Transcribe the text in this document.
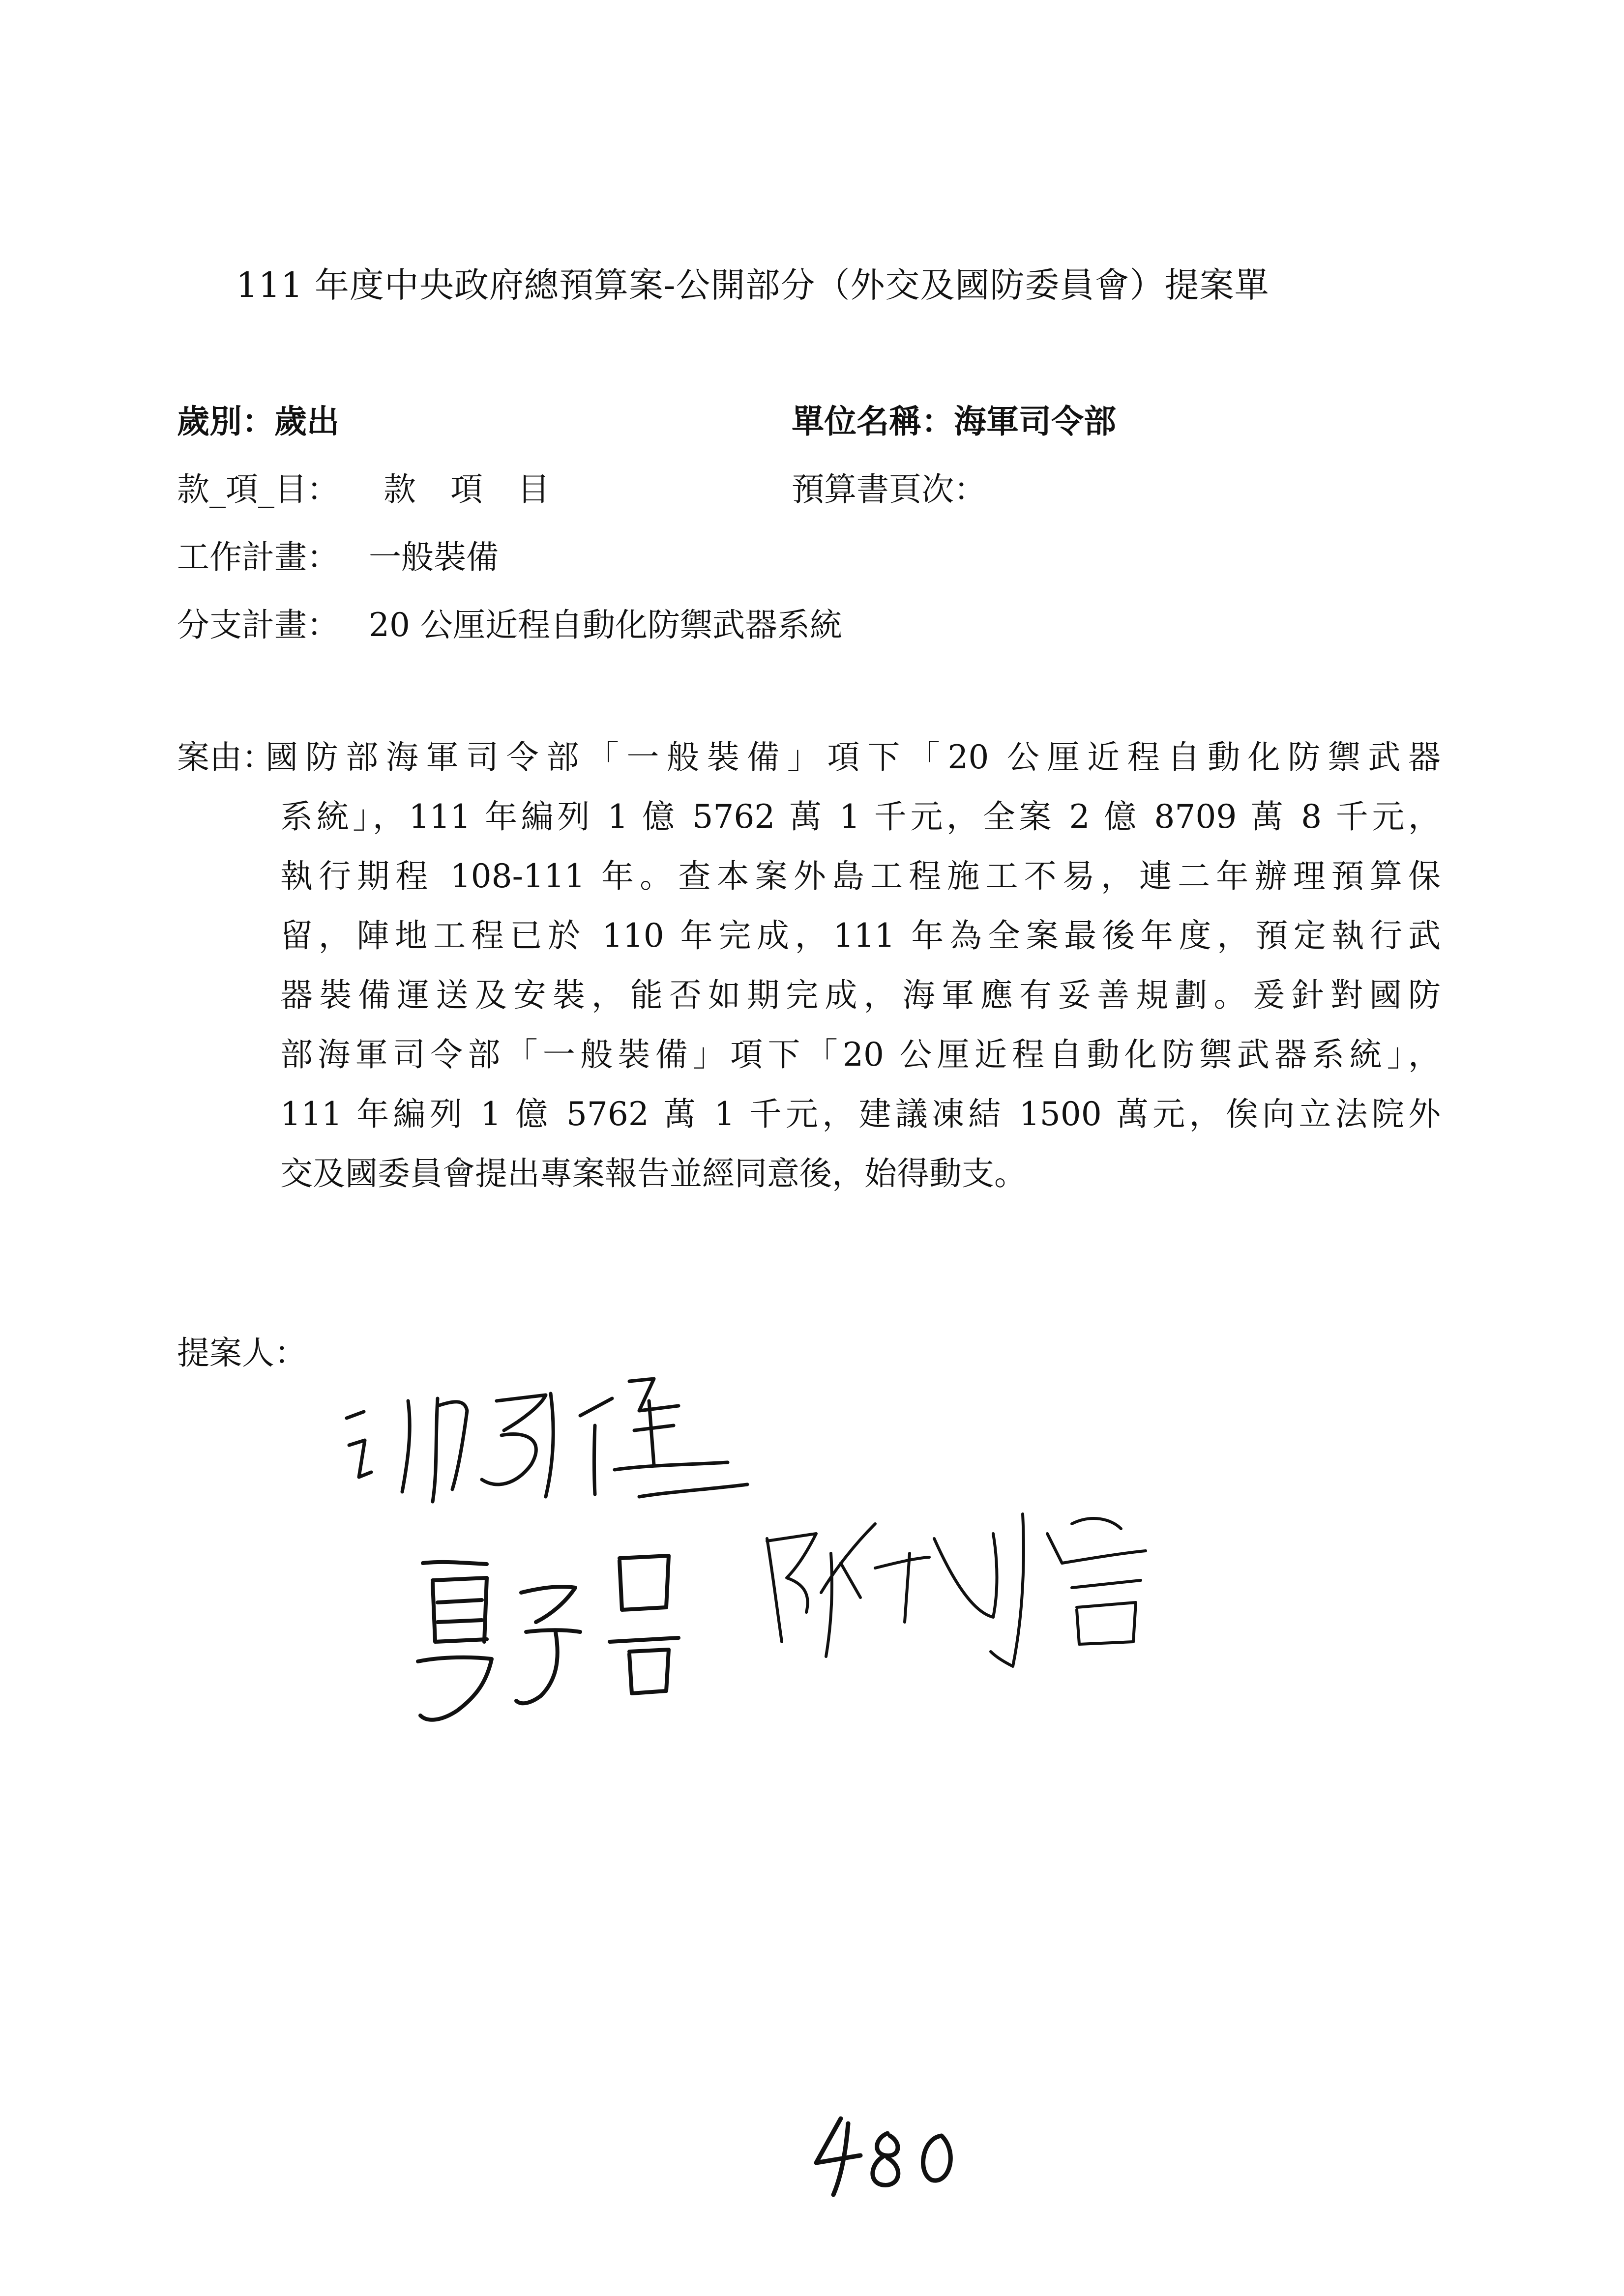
111 年度中央政府總預算案-公開部分（外交及國防委員會）提案單
歲別：歲出	單位名稱：海軍司令部
款_項_目： 款項目	預算書頁次：
工作計畫： 一般裝備
分支計畫： 20 公厘近程自動化防禦武器系統
案由：
國防部海軍司令部「一般裝備」項下「20 公厘近程自動化防禦武器
系統」，111 年編列 1 億 5762 萬 1 千元，全案 2 億 8709 萬 8 千元，
執行期程 108-111 年。查本案外島工程施工不易，連二年辦理預算保
留，陣地工程已於 110 年完成，111 年為全案最後年度，預定執行武
器裝備運送及安裝，能否如期完成，海軍應有妥善規劃。爰針對國防
部海軍司令部「一般裝備」項下「20 公厘近程自動化防禦武器系統」，
111 年編列 1 億 5762 萬 1 千元，建議凍結 1500 萬元，俟向立法院外
交及國委員會提出專案報告並經同意後，始得動支。
提案人：
